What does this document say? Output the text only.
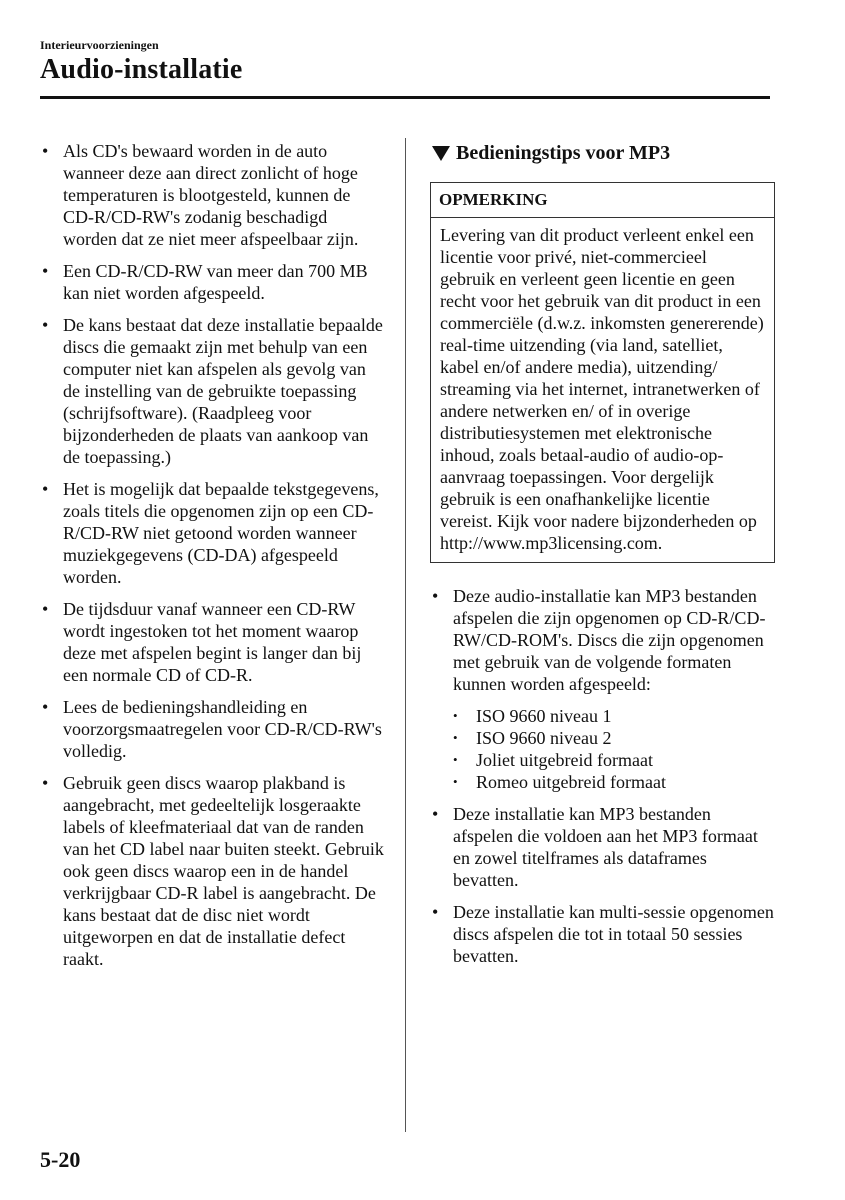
Interieurvoorzieningen
Audio-installatie
• Als CD's bewaard worden in de auto wanneer deze aan direct zonlicht of hoge temperaturen is blootgesteld, kunnen de CD-R/CD-RW's zodanig beschadigd worden dat ze niet meer afspeelbaar zijn.
• Een CD-R/CD-RW van meer dan 700 MB kan niet worden afgespeeld.
• De kans bestaat dat deze installatie bepaalde discs die gemaakt zijn met behulp van een computer niet kan afspelen als gevolg van de instelling van de gebruikte toepassing (schrijfsoftware). (Raadpleeg voor bijzonderheden de plaats van aankoop van de toepassing.)
• Het is mogelijk dat bepaalde tekstgegevens, zoals titels die opgenomen zijn op een CD-R/CD-RW niet getoond worden wanneer muziekgegevens (CD-DA) afgespeeld worden.
• De tijdsduur vanaf wanneer een CD-RW wordt ingestoken tot het moment waarop deze met afspelen begint is langer dan bij een normale CD of CD-R.
• Lees de bedieningshandleiding en voorzorgsmaatregelen voor CD-R/CD-RW's volledig.
• Gebruik geen discs waarop plakband is aangebracht, met gedeeltelijk losgeraakte labels of kleefmateriaal dat van de randen van het CD label naar buiten steekt. Gebruik ook geen discs waarop een in de handel verkrijgbaar CD-R label is aangebracht. De kans bestaat dat de disc niet wordt uitgeworpen en dat de installatie defect raakt.
Bedieningstips voor MP3
OPMERKING
Levering van dit product verleent enkel een licentie voor privé, niet-commercieel gebruik en verleent geen licentie en geen recht voor het gebruik van dit product in een commerciële (d.w.z. inkomsten genererende) real-time uitzending (via land, satelliet, kabel en/of andere media), uitzending/ streaming via het internet, intranetwerken of andere netwerken en/ of in overige distributiesystemen met elektronische inhoud, zoals betaal-audio of audio-op-aanvraag toepassingen. Voor dergelijk gebruik is een onafhankelijke licentie vereist. Kijk voor nadere bijzonderheden op http://www.mp3licensing.com.
• Deze audio-installatie kan MP3 bestanden afspelen die zijn opgenomen op CD-R/CD-RW/CD-ROM's. Discs die zijn opgenomen met gebruik van de volgende formaten kunnen worden afgespeeld:
• ISO 9660 niveau 1
• ISO 9660 niveau 2
• Joliet uitgebreid formaat
• Romeo uitgebreid formaat
• Deze installatie kan MP3 bestanden afspelen die voldoen aan het MP3 formaat en zowel titelframes als dataframes bevatten.
• Deze installatie kan multi-sessie opgenomen discs afspelen die tot in totaal 50 sessies bevatten.
5-20
